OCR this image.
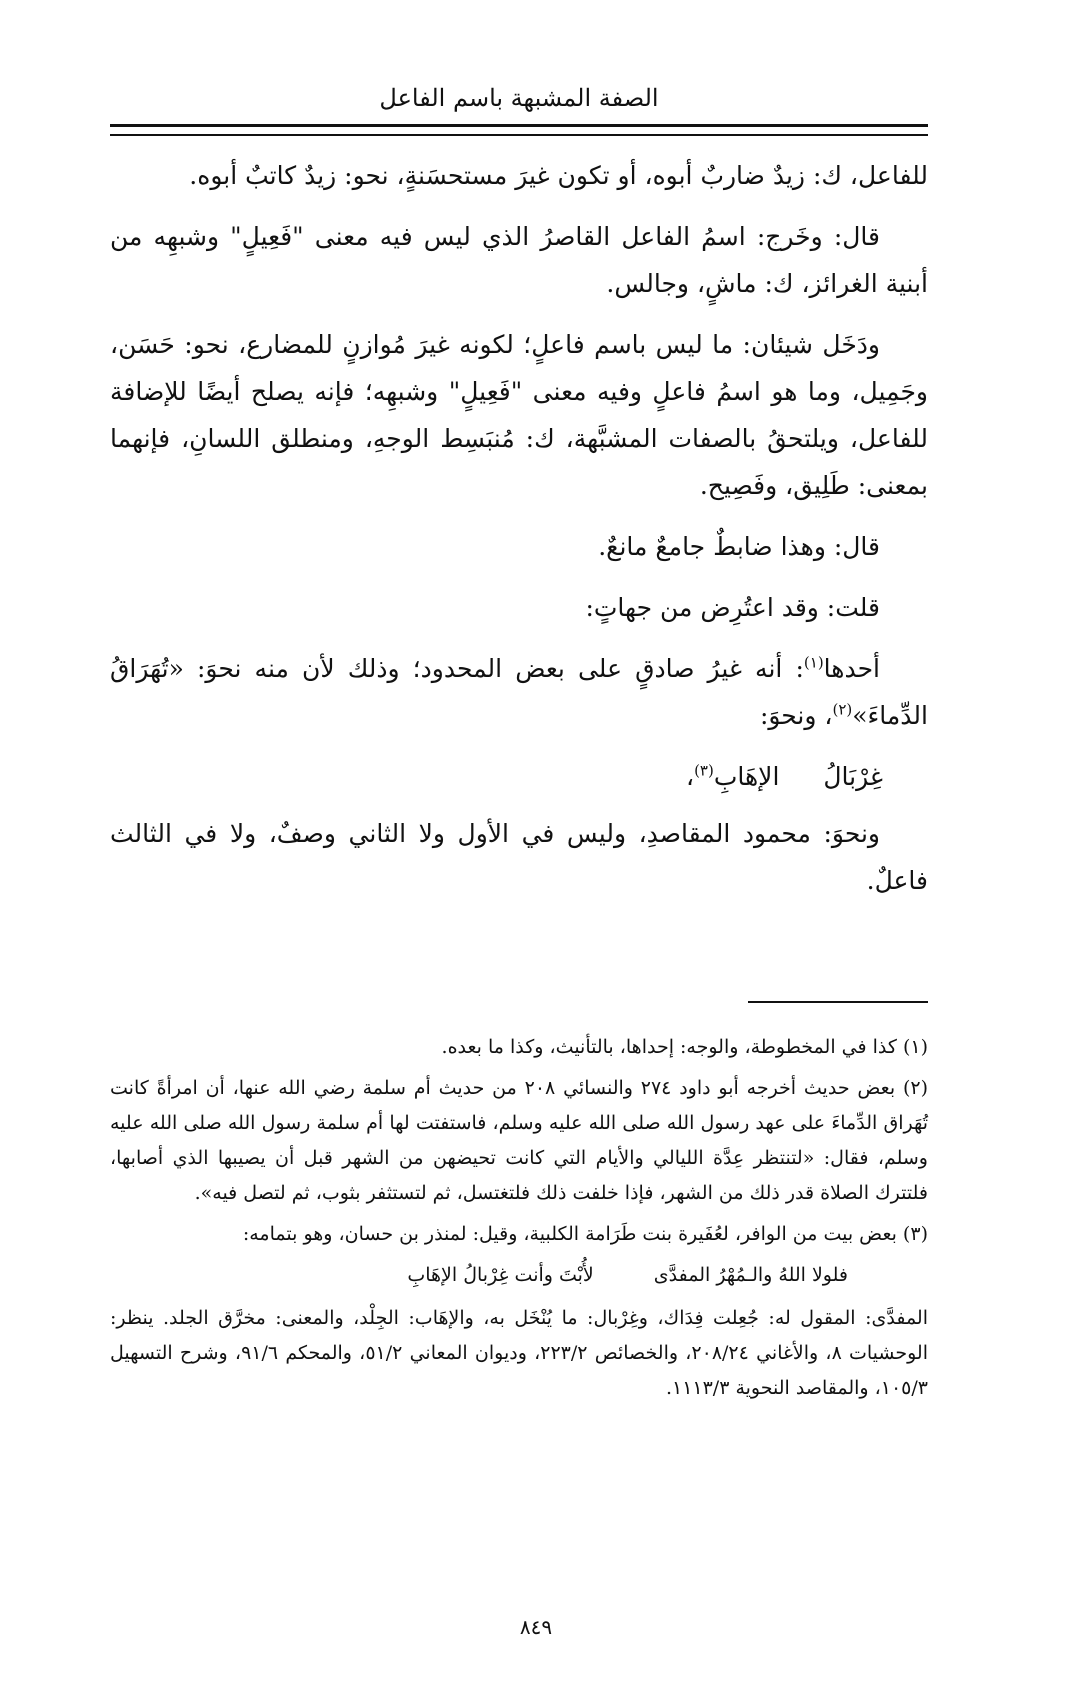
الصفة المشبهة باسم الفاعل

للفاعل، ك: زيدٌ ضاربٌ أبوه، أو تكون غيرَ مستحسَنةٍ، نحو: زيدٌ كاتبٌ أبوه.

قال: وخَرج: اسمُ الفاعل القاصرُ الذي ليس فيه معنى "فَعِيلٍ" وشبهِه من أبنية الغرائز، ك: ماشٍ، وجالس.

ودَخَل شيئان: ما ليس باسم فاعلٍ؛ لكونه غيرَ مُوازنٍ للمضارع، نحو: حَسَن، وجَمِيل، وما هو اسمُ فاعلٍ وفيه معنى "فَعِيلٍ" وشبهِه؛ فإنه يصلح أيضًا للإضافة للفاعل، ويلتحقُ بالصفات المشبَّهة، ك: مُنبَسِط الوجهِ، ومنطلق اللسانِ، فإنهما بمعنى: طَلِيق، وفَصِيح.

قال: وهذا ضابطٌ جامعٌ مانعٌ.

قلت: وقد اعتُرِض من جهاتٍ:

أحدها$^{(١)}$: أنه غيرُ صادقٍ على بعض المحدود؛ وذلك لأن منه نحوَ: «تُهَرَاقُ الدِّماءَ»$^{(٢)}$، ونحوَ:

غِرْبَالُالإهَابِ$^{(٣)}$،

ونحوَ: محمود المقاصدِ، وليس في الأول ولا الثاني وصفٌ، ولا في الثالث فاعلٌ.

(١) كذا في المخطوطة، والوجه: إحداها، بالتأنيث، وكذا ما بعده.

(٢) بعض حديث أخرجه أبو داود ٢٧٤ والنسائي ٢٠٨ من حديث أم سلمة رضي الله عنها، أن امرأةً كانت تُهَراق الدِّماءَ على عهد رسول الله صلى الله عليه وسلم، فاستفتت لها أم سلمة رسول الله صلى الله عليه وسلم، فقال: «لتنتظر عِدَّة الليالي والأيام التي كانت تحيضهن من الشهر قبل أن يصيبها الذي أصابها، فلتترك الصلاة قدر ذلك من الشهر، فإذا خلفت ذلك فلتغتسل، ثم لتستثفر بثوب، ثم لتصل فيه».

(٣) بعض بيت من الوافر، لعُفَيرة بنت طَرَامة الكلبية، وقيل: لمنذر بن حسان، وهو بتمامه:

فلولا اللهُ والـمُهْرُ المفدَّى
لأُبْتَ وأنت غِرْبالُ الإهَابِ

المفدَّى: المقول له: جُعِلت فِدَاك، وغِرْبال: ما يُنْخَل به، والإهَاب: الجِلْد، والمعنى: مخرَّق الجلد. ينظر: الوحشيات ٨، والأغاني ٢٠٨/٢٤، والخصائص ٢٢٣/٢، وديوان المعاني ٥١/٢، والمحكم ٩١/٦، وشرح التسهيل ١٠٥/٣، والمقاصد النحوية ١١١٣/٣.

٨٤٩
